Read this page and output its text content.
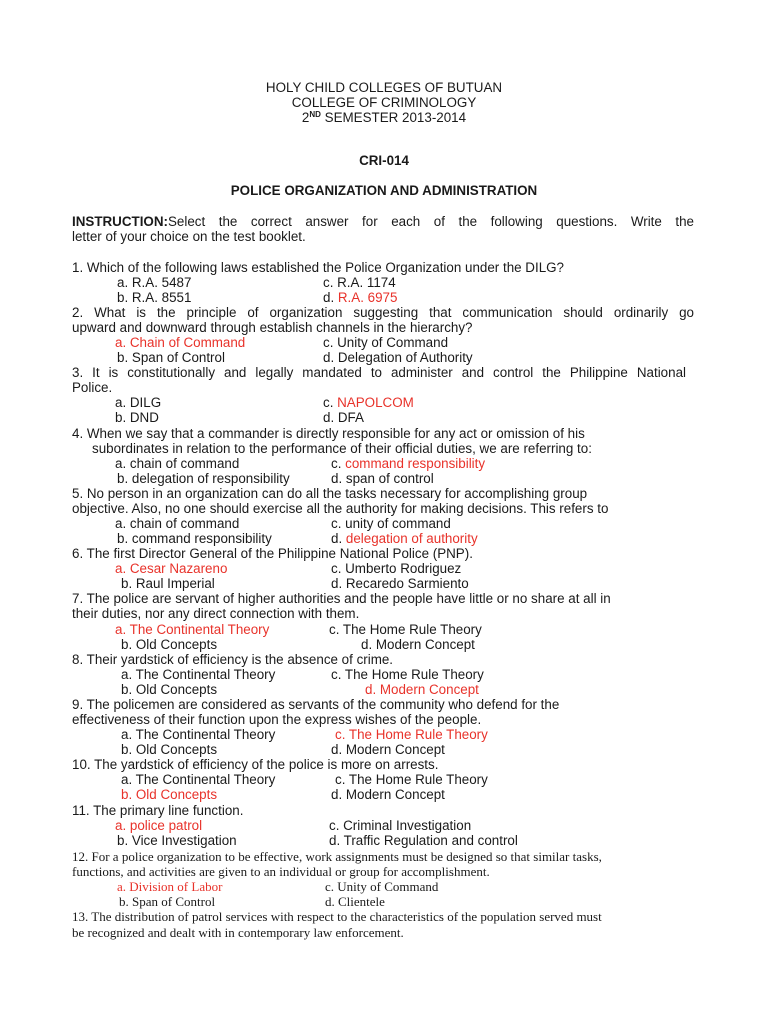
HOLY CHILD COLLEGES OF BUTUAN
COLLEGE OF CRIMINOLOGY
2ND SEMESTER 2013-2014
CRI-014
POLICE ORGANIZATION AND ADMINISTRATION
INSTRUCTION:Select the correct answer for each of the following questions. Write the
letter of your choice on the test booklet.
1. Which of the following laws established the Police Organization under the DILG?
a. R.A. 5487	c. R.A. 1174
b. R.A. 8551	d. R.A. 6975
2. What is the principle of organization suggesting that communication should ordinarily go
upward and downward through establish channels in the hierarchy?
a. Chain of Command	c. Unity of Command
b. Span of Control	d. Delegation of Authority
3. It is constitutionally and legally mandated to administer and control the Philippine National
Police.
a. DILG	c. NAPOLCOM
b. DND	d. DFA
4. When we say that a commander is directly responsible for any act or omission of his
subordinates in relation to the performance of their official duties, we are referring to:
a. chain of command	c. command responsibility
b. delegation of responsibility	d. span of control
5. No person in an organization can do all the tasks necessary for accomplishing group
objective. Also, no one should exercise all the authority for making decisions. This refers to
a. chain of command	c. unity of command
b. command responsibility	d. delegation of authority
6. The first Director General of the Philippine National Police (PNP).
a. Cesar Nazareno	c. Umberto Rodriguez
b. Raul Imperial	d. Recaredo Sarmiento
7. The police are servant of higher authorities and the people have little or no share at all in
their duties, nor any direct connection with them.
a. The Continental Theory	c. The Home Rule Theory
b. Old Concepts	d. Modern Concept
8. Their yardstick of efficiency is the absence of crime.
a. The Continental Theory	c. The Home Rule Theory
b. Old Concepts	d. Modern Concept
9. The policemen are considered as servants of the community who defend for the
effectiveness of their function upon the express wishes of the people.
a. The Continental Theory	c. The Home Rule Theory
b. Old Concepts	d. Modern Concept
10. The yardstick of efficiency of the police is more on arrests.
a. The Continental Theory	c. The Home Rule Theory
b. Old Concepts	d. Modern Concept
11. The primary line function.
a. police patrol	c. Criminal Investigation
b. Vice Investigation	d. Traffic Regulation and control
12. For a police organization to be effective, work assignments must be designed so that similar tasks,
functions, and activities are given to an individual or group for accomplishment.
a. Division of Labor	c. Unity of Command
b. Span of Control	d. Clientele
13. The distribution of patrol services with respect to the characteristics of the population served must
be recognized and dealt with in contemporary law enforcement.
